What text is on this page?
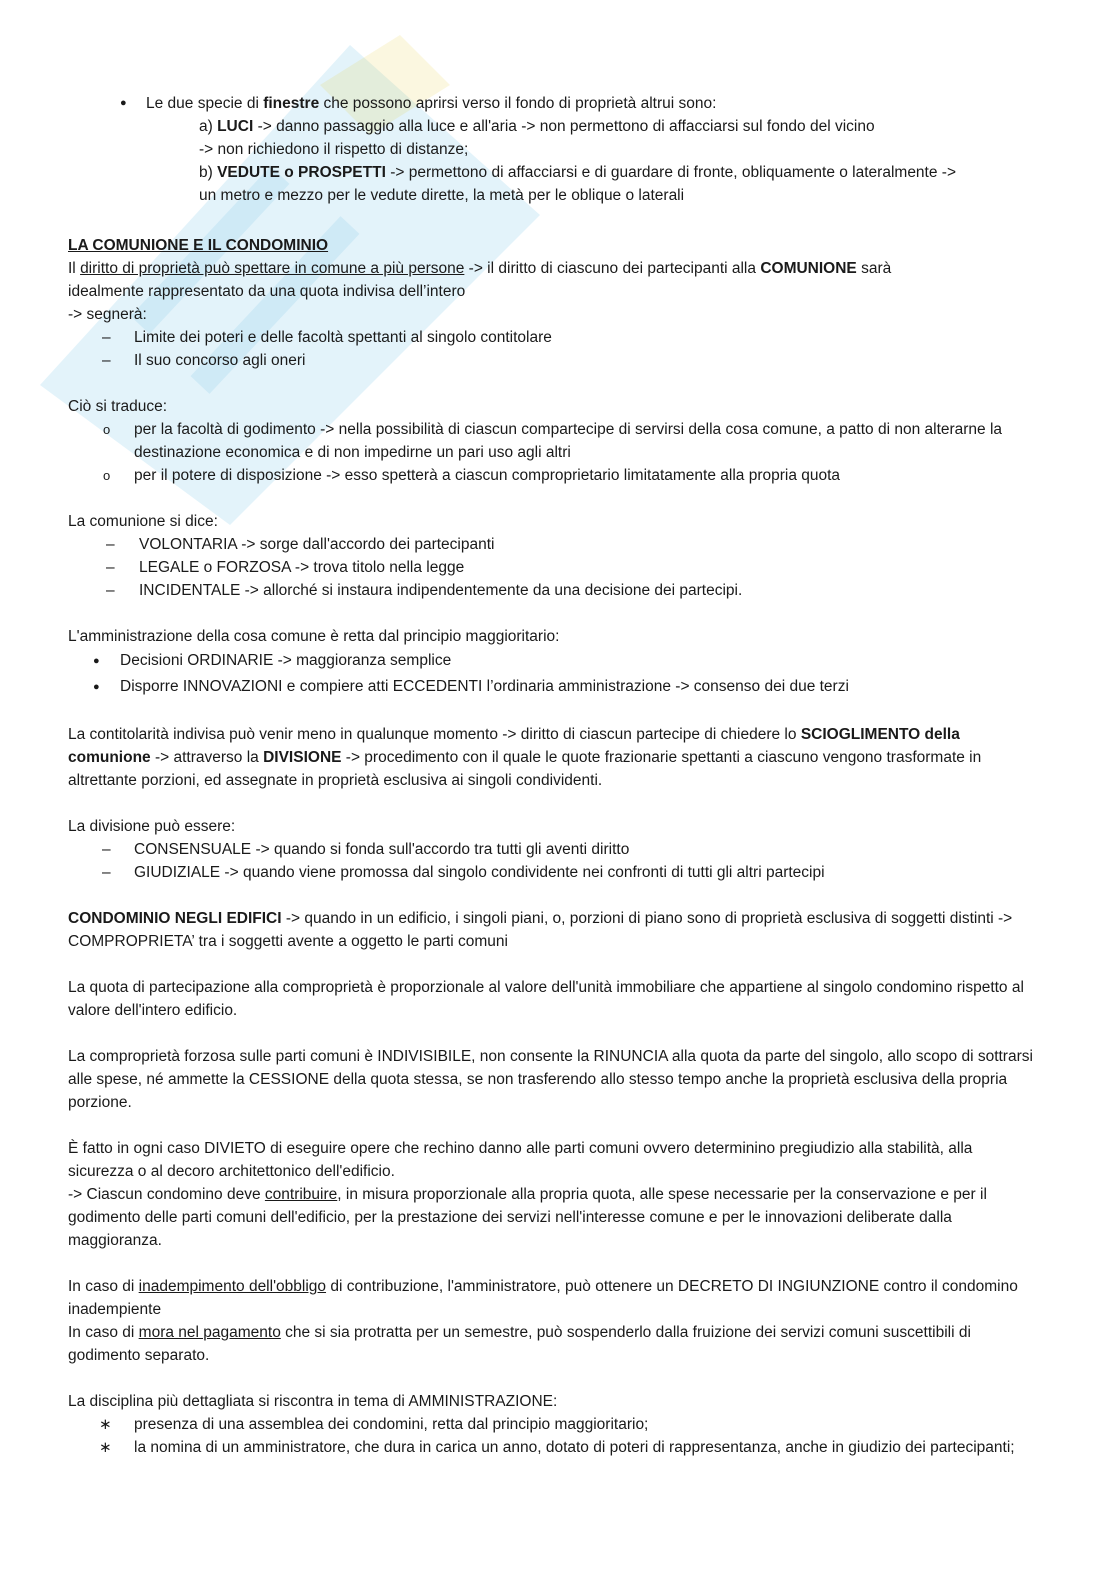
● Le due specie di finestre che possono aprirsi verso il fondo di proprietà altrui sono:

a) LUCI -> danno passaggio alla luce e all'aria -> non permettono di affacciarsi sul fondo del vicino
-> non richiedono il rispetto di distanze;

b) VEDUTE o PROSPETTI -> permettono di affacciarsi e di guardare di fronte, obliquamente o lateralmente ->
un metro e mezzo per le vedute dirette, la metà per le oblique o laterali

LA COMUNIONE E IL CONDOMINIO

Il diritto di proprietà può spettare in comune a più persone -> il diritto di ciascuno dei partecipanti alla COMUNIONE sarà
idealmente rappresentato da una quota indivisa dell’intero
-> segnerà:

– Limite dei poteri e delle facoltà spettanti al singolo contitolare

– Il suo concorso agli oneri

Ciò si traduce:

o per la facoltà di godimento -> nella possibilità di ciascun compartecipe di servirsi della cosa comune, a patto di non alterarne la destinazione economica e di non impedirne un pari uso agli altri

o per il potere di disposizione -> esso spetterà a ciascun comproprietario limitatamente alla propria quota

La comunione si dice:

– VOLONTARIA -> sorge dall'accordo dei partecipanti

– LEGALE o FORZOSA -> trova titolo nella legge

– INCIDENTALE -> allorché si instaura indipendentemente da una decisione dei partecipi.

L'amministrazione della cosa comune è retta dal principio maggioritario:

● Decisioni ORDINARIE -> maggioranza semplice

● Disporre INNOVAZIONI e compiere atti ECCEDENTI l’ordinaria amministrazione -> consenso dei due terzi

La contitolarità indivisa può venir meno in qualunque momento -> diritto di ciascun partecipe di chiedere lo SCIOGLIMENTO della comunione -> attraverso la DIVISIONE -> procedimento con il quale le quote frazionarie spettanti a ciascuno vengono trasformate in altrettante porzioni, ed assegnate in proprietà esclusiva ai singoli condividenti.

La divisione può essere:

– CONSENSUALE -> quando si fonda sull'accordo tra tutti gli aventi diritto

– GIUDIZIALE -> quando viene promossa dal singolo condividente nei confronti di tutti gli altri partecipi

CONDOMINIO NEGLI EDIFICI -> quando in un edificio, i singoli piani, o, porzioni di piano sono di proprietà esclusiva di soggetti distinti -> COMPROPRIETA’ tra i soggetti avente a oggetto le parti comuni

La quota di partecipazione alla comproprietà è proporzionale al valore dell'unità immobiliare che appartiene al singolo condomino rispetto al valore dell'intero edificio.

La comproprietà forzosa sulle parti comuni è INDIVISIBILE, non consente la RINUNCIA alla quota da parte del singolo, allo scopo di sottrarsi alle spese, né ammette la CESSIONE della quota stessa, se non trasferendo allo stesso tempo anche la proprietà esclusiva della propria porzione.

È fatto in ogni caso DIVIETO di eseguire opere che rechino danno alle parti comuni ovvero determinino pregiudizio alla stabilità, alla sicurezza o al decoro architettonico dell'edificio.

-> Ciascun condomino deve contribuire, in misura proporzionale alla propria quota, alle spese necessarie per la conservazione e per il godimento delle parti comuni dell'edificio, per la prestazione dei servizi nell'interesse comune e per le innovazioni deliberate dalla maggioranza.

In caso di inadempimento dell'obbligo di contribuzione, l'amministratore, può ottenere un DECRETO DI INGIUNZIONE contro il condomino inadempiente

In caso di mora nel pagamento che si sia protratta per un semestre, può sospenderlo dalla fruizione dei servizi comuni suscettibili di godimento separato.

La disciplina più dettagliata si riscontra in tema di AMMINISTRAZIONE:

∗ presenza di una assemblea dei condomini, retta dal principio maggioritario;

∗ la nomina di un amministratore, che dura in carica un anno, dotato di poteri di rappresentanza, anche in giudizio dei partecipanti;
